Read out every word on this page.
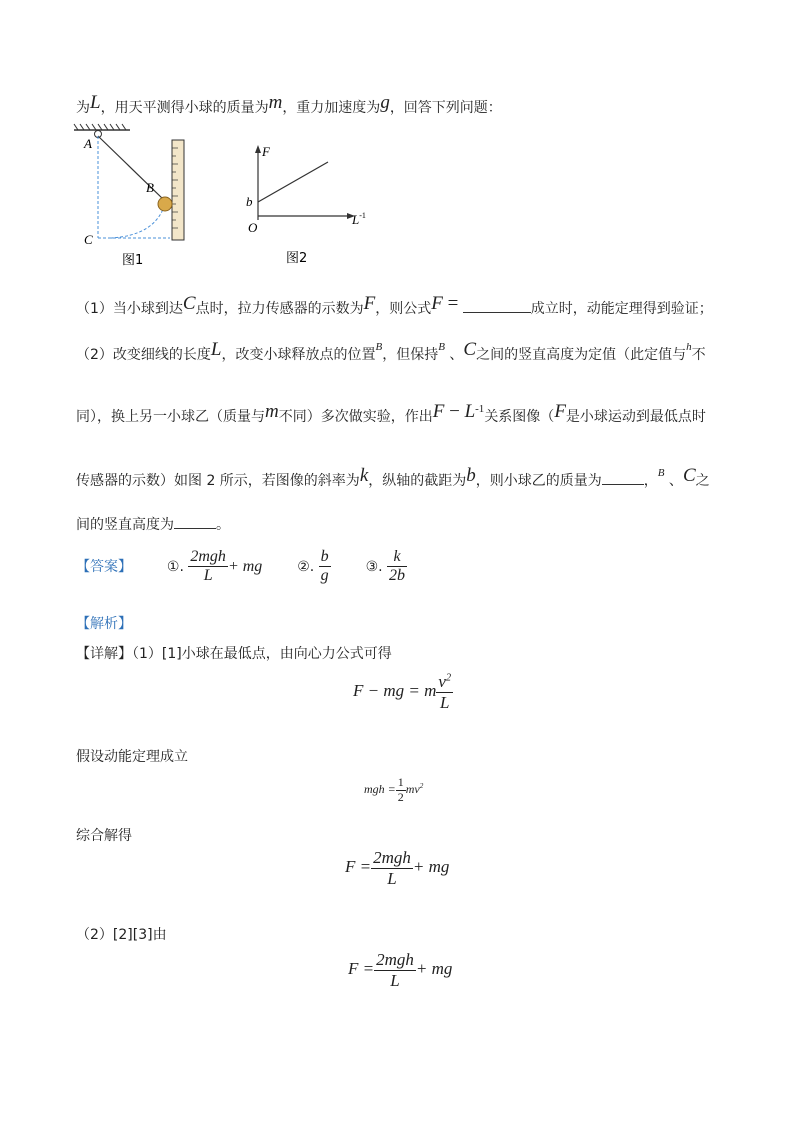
为L，用天平测得小球的质量为m，重力加速度为g，回答下列问题：
A
B
C
图1
F
b
O
$L^{-1}$
图2
（1）当小球到达C点时，拉力传感器的示数为F，则公式F =	成立时，动能定理得到验证；
（2）改变细线的长度L，改变小球释放点的位置$^B$，但保持$^B$ 、C之间的竖直高度为定值（此定值与$^h$不
同），换上另一小球乙（质量与m不同）多次做实验，作出$F - L^{-1}$关系图像（F是小球运动到最低点时
传感器的示数）如图 2 所示，若图像的斜率为k，纵轴的截距为b，则小球乙的质量为	，$^B$ 、C之
间的竖直高度为	。
【答案】 ①. $\frac{\text{2mgh}}{L}$ + mg ②. $\frac{b}{g}$ ③. $\frac{k}{2b}$
【解析】
【详解】（1）[1]小球在最低点，由向心力公式可得
F − mg = m $\frac{v^2}{L}$
假设动能定理成立
mgh = $\frac{1}{2} mv^2$
综合解得
$F = \frac{\text{2mgh}}{L}$ + mg
（2）[2][3]由
$F = \frac{\text{2mgh}}{L}$ + mg
